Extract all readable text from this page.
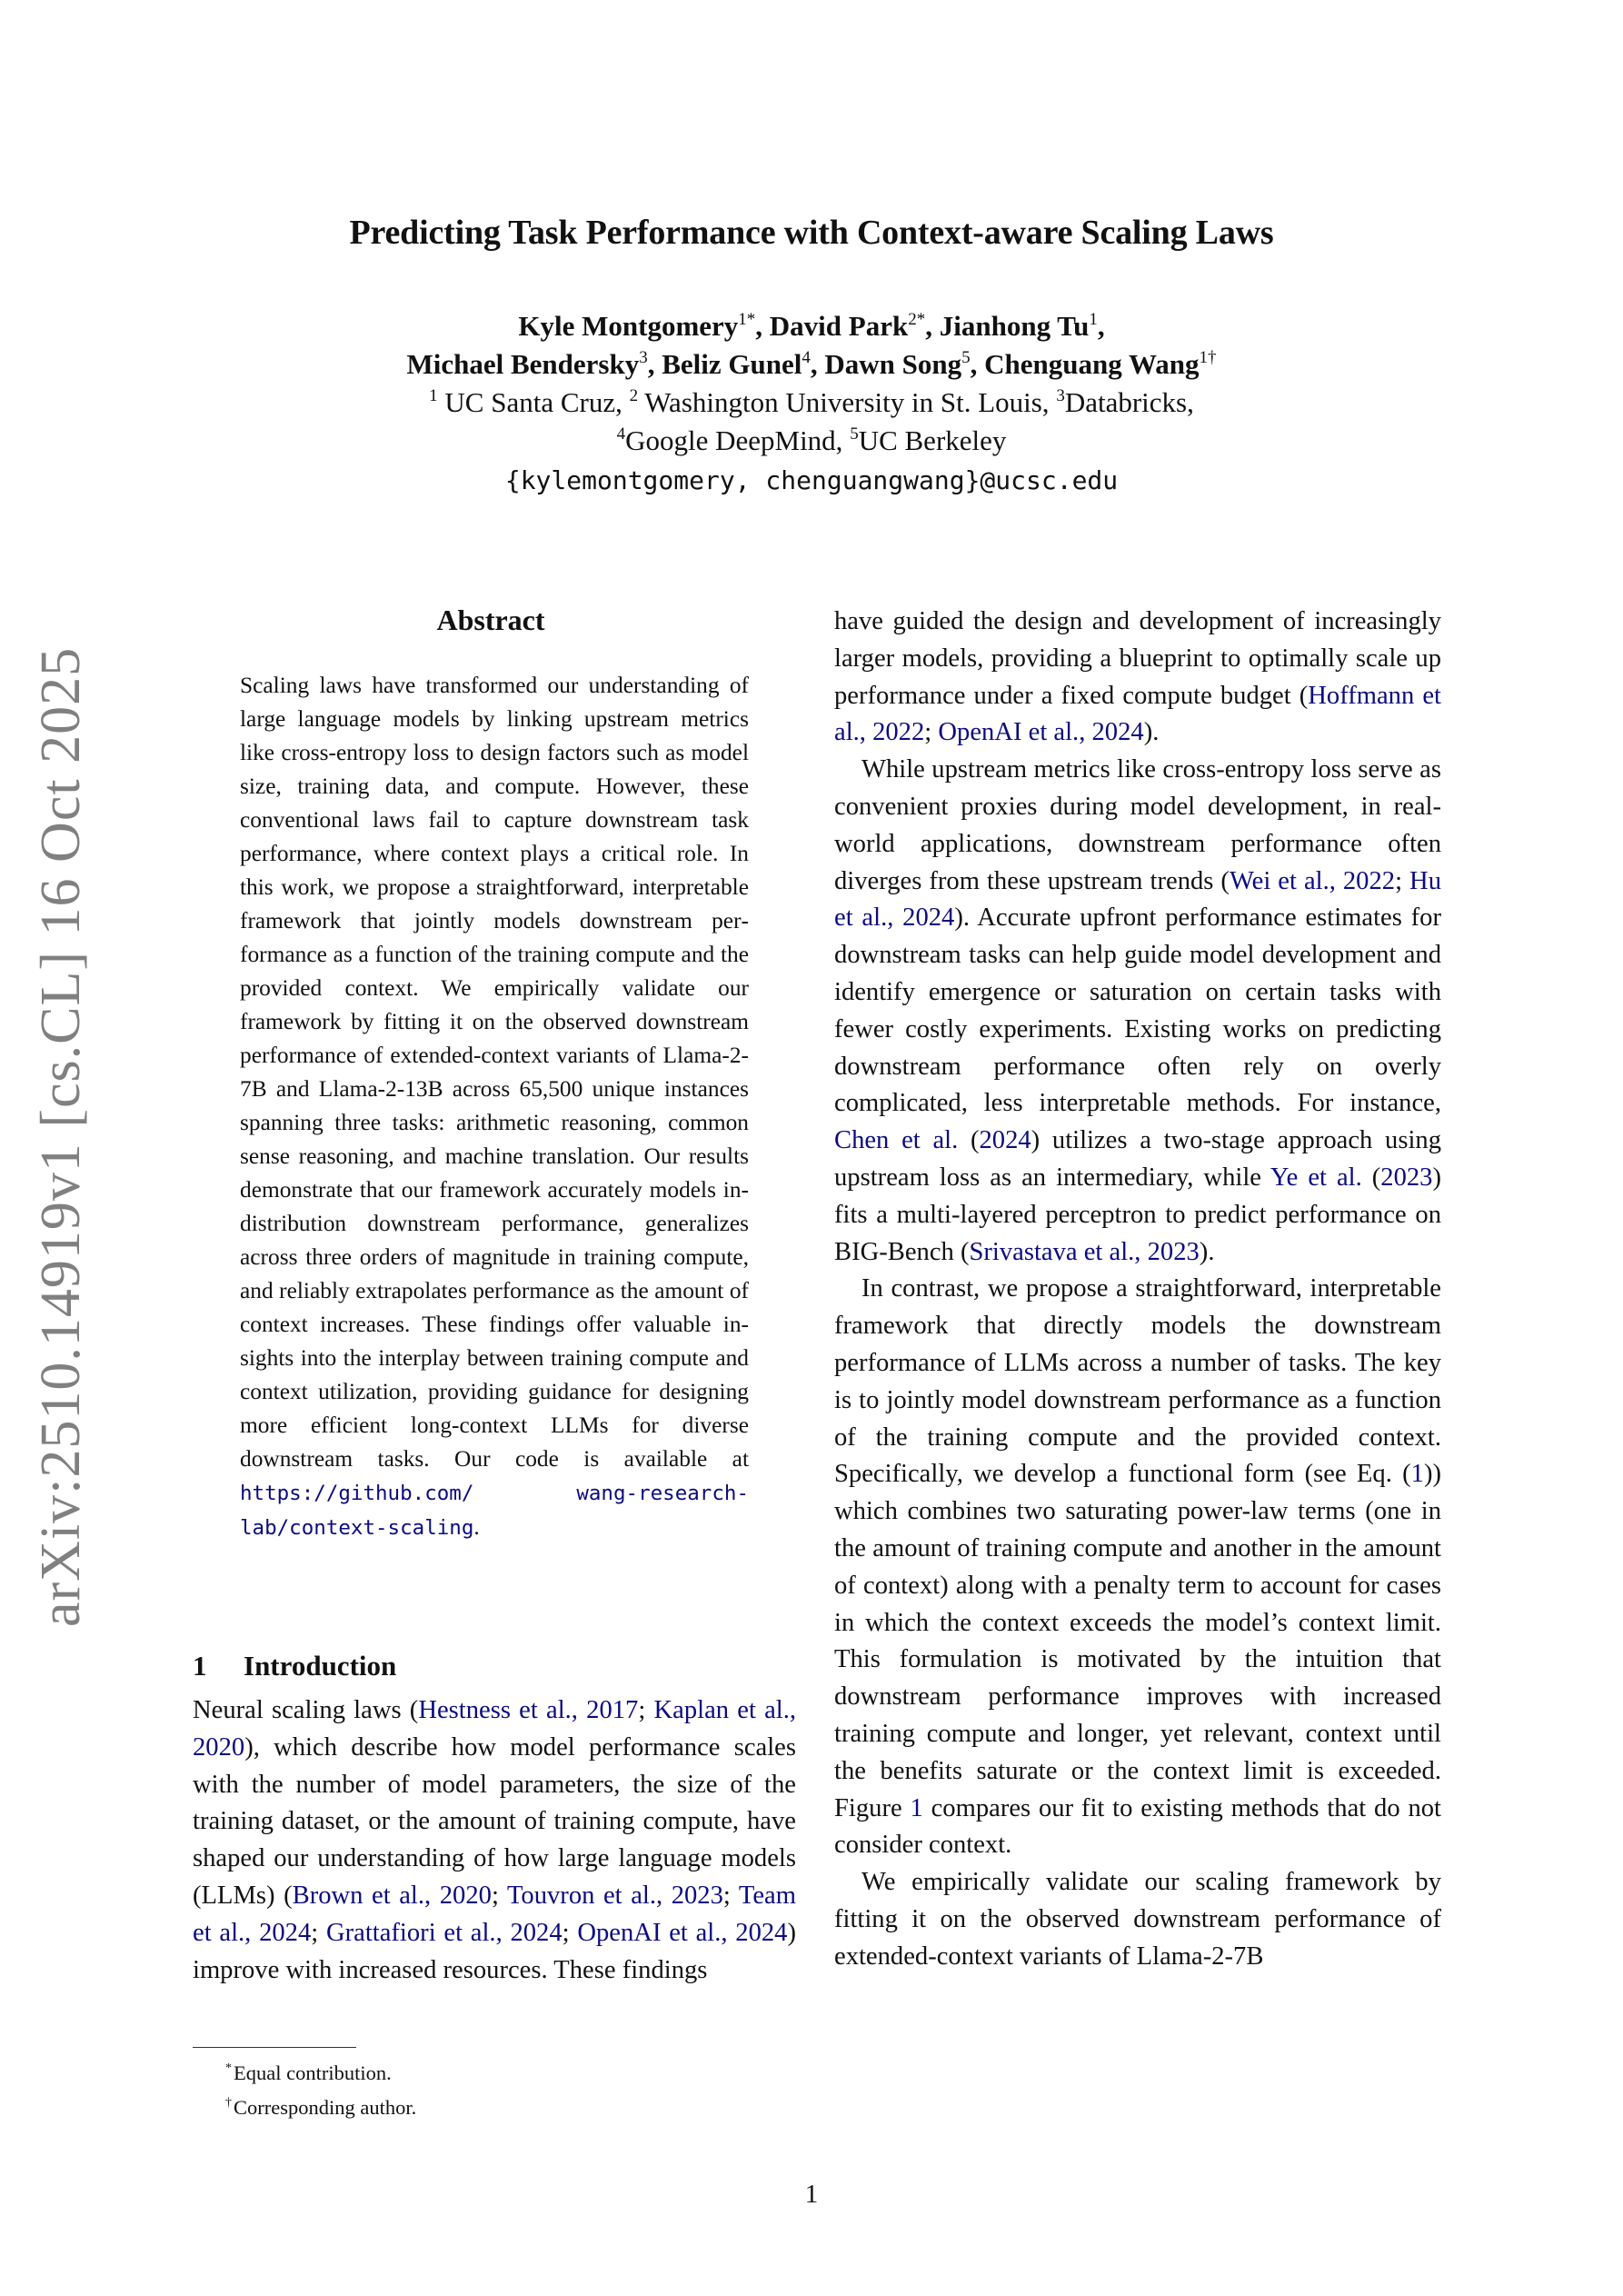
arXiv:2510.14919v1 [cs.CL] 16 Oct 2025
Predicting Task Performance with Context-aware Scaling Laws
Kyle Montgomery$^{1*}$, David Park$^{2*}$, Jianhong Tu$^1$,
Michael Bendersky$^3$, Beliz Gunel$^4$, Dawn Song$^5$, Chenguang Wang$^{1\dagger}$
$^1$ UC Santa Cruz, $^2$ Washington University in St. Louis, $^3$Databricks,
$^4$Google DeepMind, $^5$UC Berkeley
{kylemontgomery, chenguangwang}@ucsc.edu
Abstract
Scaling laws have transformed our understanding of large language models by linking upstream metrics like cross-entropy loss to design factors such as model size, training data, and compute. However, these conventional laws fail to capture downstream task performance, where context plays a critical role. In this work, we propose a straightforward, interpretable framework that jointly models downstream performance as a function of the training compute and the provided context. We empirically validate our framework by fitting it on the observed downstream performance of extended-context variants of Llama-2-7B and Llama-2-13B across 65,500 unique instances spanning three tasks: arithmetic reasoning, common sense reasoning, and machine translation. Our results demonstrate that our framework accurately models in-distribution downstream performance, generalizes across three orders of magnitude in training compute, and reliably extrapolates performance as the amount of context increases. These findings offer valuable insights into the interplay between training compute and context utilization, providing guidance for designing more efficient long-context LLMs for diverse downstream tasks. Our code is available at https://github.com/ wang-research-lab/context-scaling.
1 Introduction

Neural scaling laws (Hestness et al., 2017; Kaplan et al., 2020), which describe how model performance scales with the number of model parameters, the size of the training dataset, or the amount of training compute, have shaped our understanding of how large language models (LLMs) (Brown et al., 2020; Touvron et al., 2023; Team et al., 2024; Grattafiori et al., 2024; OpenAI et al., 2024) improve with increased resources. These findings

*Equal contribution.
†Corresponding author.

have guided the design and development of increasingly larger models, providing a blueprint to optimally scale up performance under a fixed compute budget (Hoffmann et al., 2022; OpenAI et al., 2024).

While upstream metrics like cross-entropy loss serve as convenient proxies during model development, in real-world applications, downstream performance often diverges from these upstream trends (Wei et al., 2022; Hu et al., 2024). Accurate upfront performance estimates for downstream tasks can help guide model development and identify emergence or saturation on certain tasks with fewer costly experiments. Existing works on predicting downstream performance often rely on overly complicated, less interpretable methods. For instance, Chen et al. (2024) utilizes a two-stage approach using upstream loss as an intermediary, while Ye et al. (2023) fits a multi-layered perceptron to predict performance on BIG-Bench (Srivastava et al., 2023).

In contrast, we propose a straightforward, interpretable framework that directly models the downstream performance of LLMs across a number of tasks. The key is to jointly model downstream performance as a function of the training compute and the provided context. Specifically, we develop a functional form (see Eq. (1)) which combines two saturating power-law terms (one in the amount of training compute and another in the amount of context) along with a penalty term to account for cases in which the context exceeds the model’s context limit. This formulation is motivated by the intuition that downstream performance improves with increased training compute and longer, yet relevant, context until the benefits saturate or the context limit is exceeded. Figure 1 compares our fit to existing methods that do not consider context.

We empirically validate our scaling framework by fitting it on the observed downstream performance of extended-context variants of Llama-2-7B

1
